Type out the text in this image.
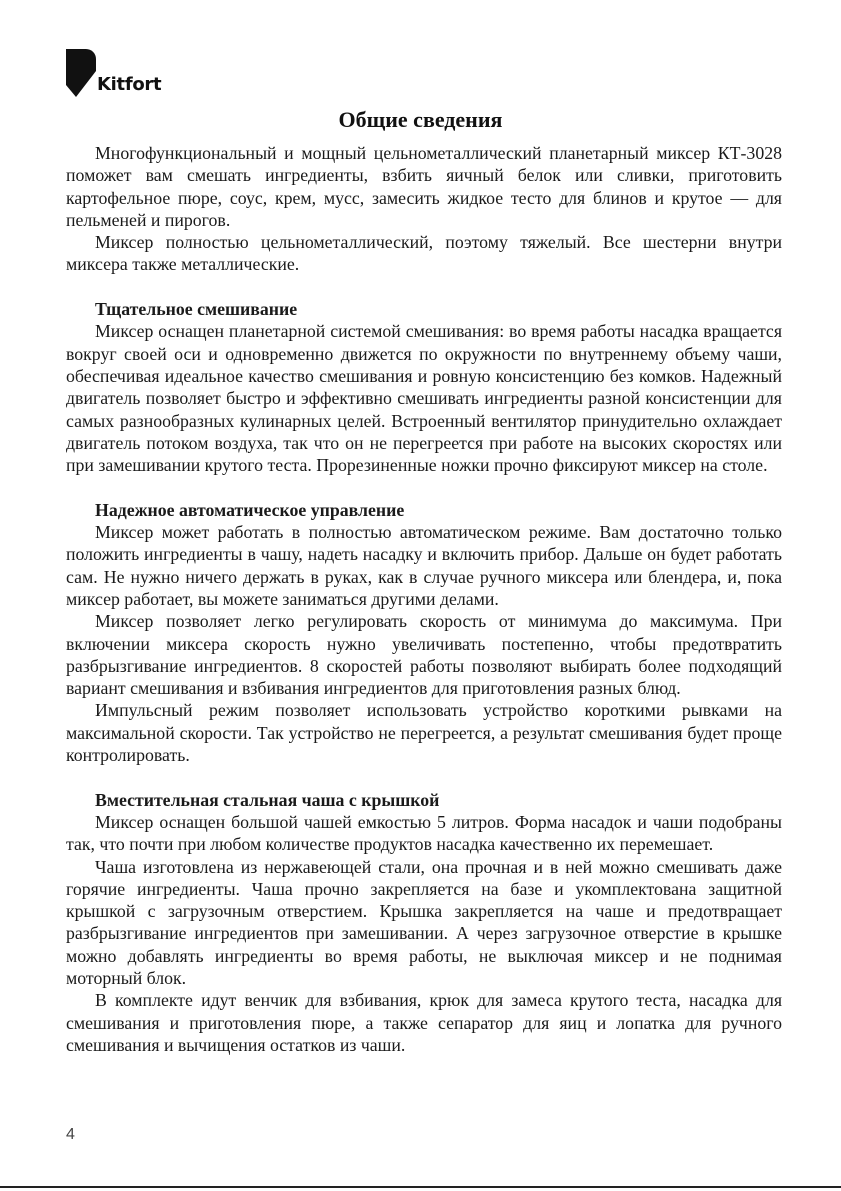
Kitfort
Общие сведения

Многофункциональный и мощный цельнометаллический планетарный миксер КТ-3028 поможет вам смешать ингредиенты, взбить яичный белок или сливки, приготовить картофельное пюре, соус, крем, мусс, замесить жидкое тесто для блинов и крутое — для пельменей и пирогов.

Миксер полностью цельнометаллический, поэтому тяжелый. Все шестерни внутри миксера также металлические.

Тщательное смешивание

Миксер оснащен планетарной системой смешивания: во время работы насадка вращается вокруг своей оси и одновременно движется по окружности по внутреннему объему чаши, обеспечивая идеальное качество смешивания и ровную консистенцию без комков. Надежный двигатель позволяет быстро и эффективно смешивать ингредиенты разной консистенции для самых разнообразных кулинарных целей. Встроенный вентилятор принудительно охлаждает двигатель потоком воздуха, так что он не перегреется при работе на высоких скоростях или при замешивании крутого теста. Прорезиненные ножки прочно фиксируют миксер на столе.

Надежное автоматическое управление

Миксер может работать в полностью автоматическом режиме. Вам достаточно только положить ингредиенты в чашу, надеть насадку и включить прибор. Дальше он будет работать сам. Не нужно ничего держать в руках, как в случае ручного миксера или блендера, и, пока миксер работает, вы можете заниматься другими делами.

Миксер позволяет легко регулировать скорость от минимума до максимума. При включении миксера скорость нужно увеличивать постепенно, чтобы предотвратить разбрызгивание ингредиентов. 8 скоростей работы позволяют выбирать более подходящий вариант смешивания и взбивания ингредиентов для приготовления разных блюд.

Импульсный режим позволяет использовать устройство короткими рывками на максимальной скорости. Так устройство не перегреется, а результат смешивания будет проще контролировать.

Вместительная стальная чаша с крышкой

Миксер оснащен большой чашей емкостью 5 литров. Форма насадок и чаши подобраны так, что почти при любом количестве продуктов насадка качественно их перемешает.

Чаша изготовлена из нержавеющей стали, она прочная и в ней можно смешивать даже горячие ингредиенты. Чаша прочно закрепляется на базе и укомплектована защитной крышкой с загрузочным отверстием. Крышка закрепляется на чаше и предотвращает разбрызгивание ингредиентов при замешивании. А через загрузочное отверстие в крышке можно добавлять ингредиенты во время работы, не выключая миксер и не поднимая моторный блок.

В комплекте идут венчик для взбивания, крюк для замеса крутого теста, насадка для смешивания и приготовления пюре, а также сепаратор для яиц и лопатка для ручного смешивания и вычищения остатков из чаши.

4
